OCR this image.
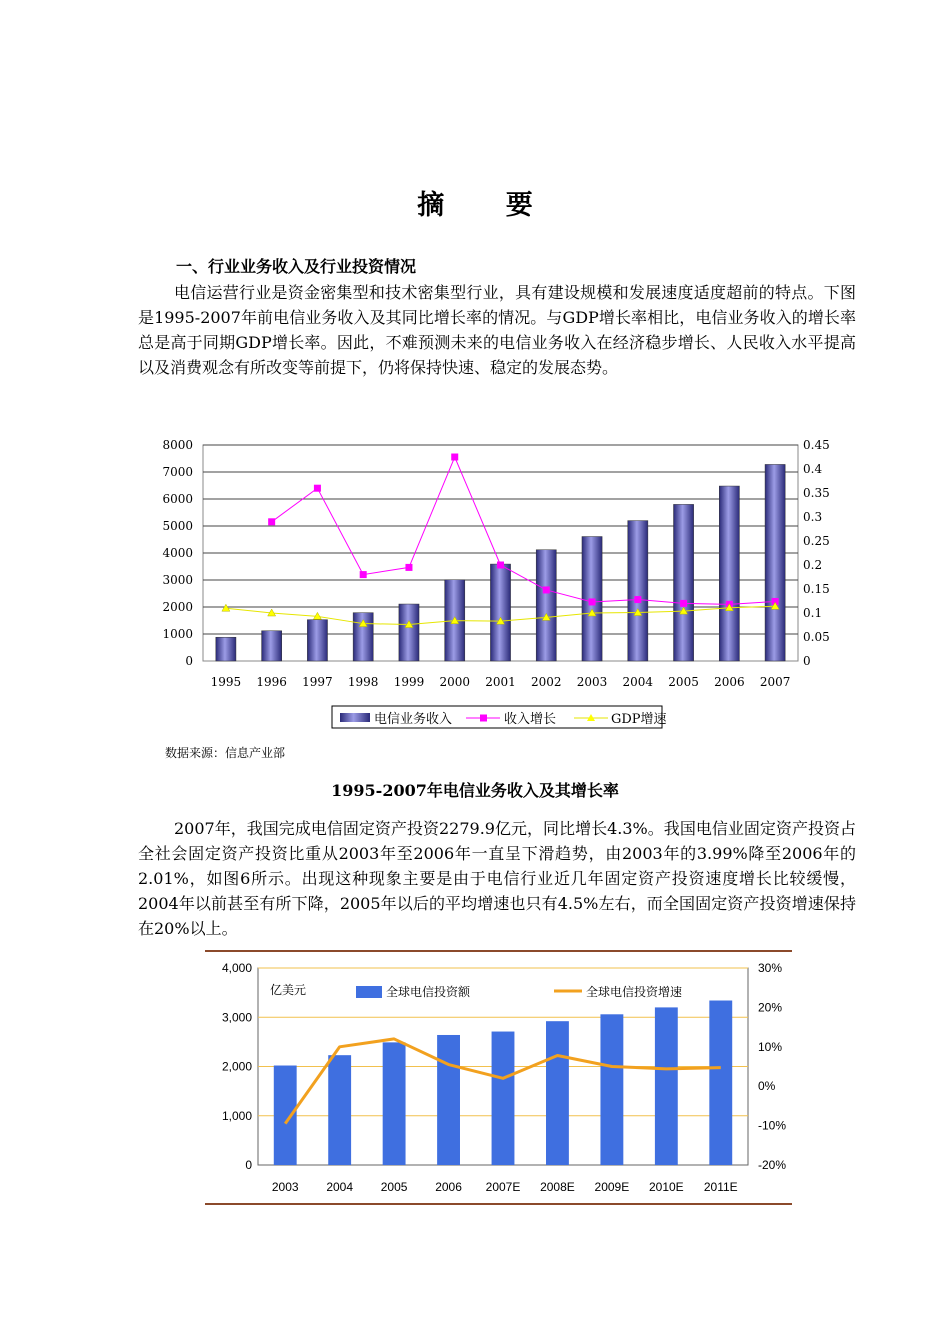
摘 要
一、行业业务收入及行业投资情况
电信运营行业是资金密集型和技术密集型行业，具有建设规模和发展速度适度超前的特点。下图是1995-2007年前电信业务收入及其同比增长率的情况。与GDP增长率相比，电信业务收入的增长率总是高于同期GDP增长率。因此，不难预测未来的电信业务收入在经济稳步增长、人民收入水平提高以及消费观念有所改变等前提下，仍将保持快速、稳定的发展态势。
0
1000
2000
3000
4000
5000
6000
7000
8000
0
0.05
0.1
0.15
0.2
0.25
0.3
0.35
0.4
0.45
1995 1996 1997 1998 1999 2000 2001 2002 2003 2004 2005 2006 2007
电信业务收入	收入增长	GDP增速
数据来源：信息产业部
1995-2007年电信业务收入及其增长率
2007年，我国完成电信固定资产投资2279.9亿元，同比增长4.3%。我国电信业固定资产投资占全社会固定资产投资比重从2003年至2006年一直呈下滑趋势，由2003年的3.99%降至2006年的2.01%，如图6所示。出现这种现象主要是由于电信行业近几年固定资产投资速度增长比较缓慢，2004年以前甚至有所下降，2005年以后的平均增速也只有4.5%左右，而全国固定资产投资增速保持在20%以上。
0
1,000
2,000
3,000
4,000
-20%
-10%
0%
10%
20%
30%
亿美元
2003 2004 2005 2006 2007E 2008E 2009E 2010E 2011E
全球电信投资额	全球电信投资增速
